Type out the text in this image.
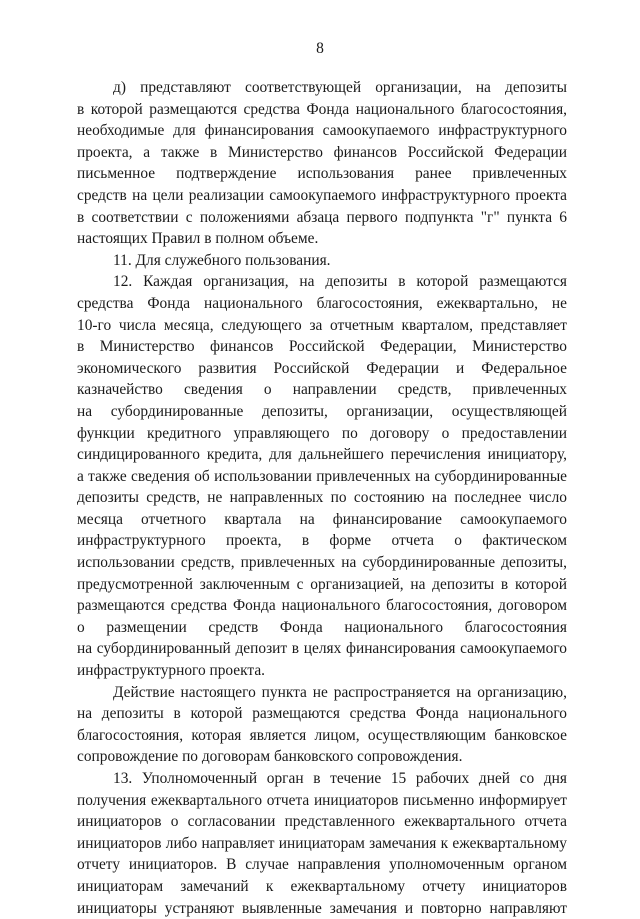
8
д) представляют соответствующей организации, на депозиты
в которой размещаются средства Фонда национального благосостояния,
необходимые для финансирования самоокупаемого инфраструктурного
проекта, а также в Министерство финансов Российской Федерации
письменное подтверждение использования ранее привлеченных
средств на цели реализации самоокупаемого инфраструктурного проекта
в соответствии с положениями абзаца первого подпункта "г" пункта 6
настоящих Правил в полном объеме.
11. Для служебного пользования.
12. Каждая организация, на депозиты в которой размещаются
средства Фонда национального благосостояния, ежеквартально, не
10-го числа месяца, следующего за отчетным кварталом, представляет
в Министерство финансов Российской Федерации, Министерство
экономического развития Российской Федерации и Федеральное
казначейство сведения о направлении средств, привлеченных
на субординированные депозиты, организации, осуществляющей
функции кредитного управляющего по договору о предоставлении
синдицированного кредита, для дальнейшего перечисления инициатору,
а также сведения об использовании привлеченных на субординированные
депозиты средств, не направленных по состоянию на последнее число
месяца отчетного квартала на финансирование самоокупаемого
инфраструктурного проекта, в форме отчета о фактическом
использовании средств, привлеченных на субординированные депозиты,
предусмотренной заключенным с организацией, на депозиты в которой
размещаются средства Фонда национального благосостояния, договором
о размещении средств Фонда национального благосостояния
на субординированный депозит в целях финансирования самоокупаемого
инфраструктурного проекта.
Действие настоящего пункта не распространяется на организацию,
на депозиты в которой размещаются средства Фонда национального
благосостояния, которая является лицом, осуществляющим банковское
сопровождение по договорам банковского сопровождения.
13. Уполномоченный орган в течение 15 рабочих дней со дня
получения ежеквартального отчета инициаторов письменно информирует
инициаторов о согласовании представленного ежеквартального отчета
инициаторов либо направляет инициаторам замечания к ежеквартальному
отчету инициаторов. В случае направления уполномоченным органом
инициаторам замечаний к ежеквартальному отчету инициаторов
инициаторы устраняют выявленные замечания и повторно направляют
